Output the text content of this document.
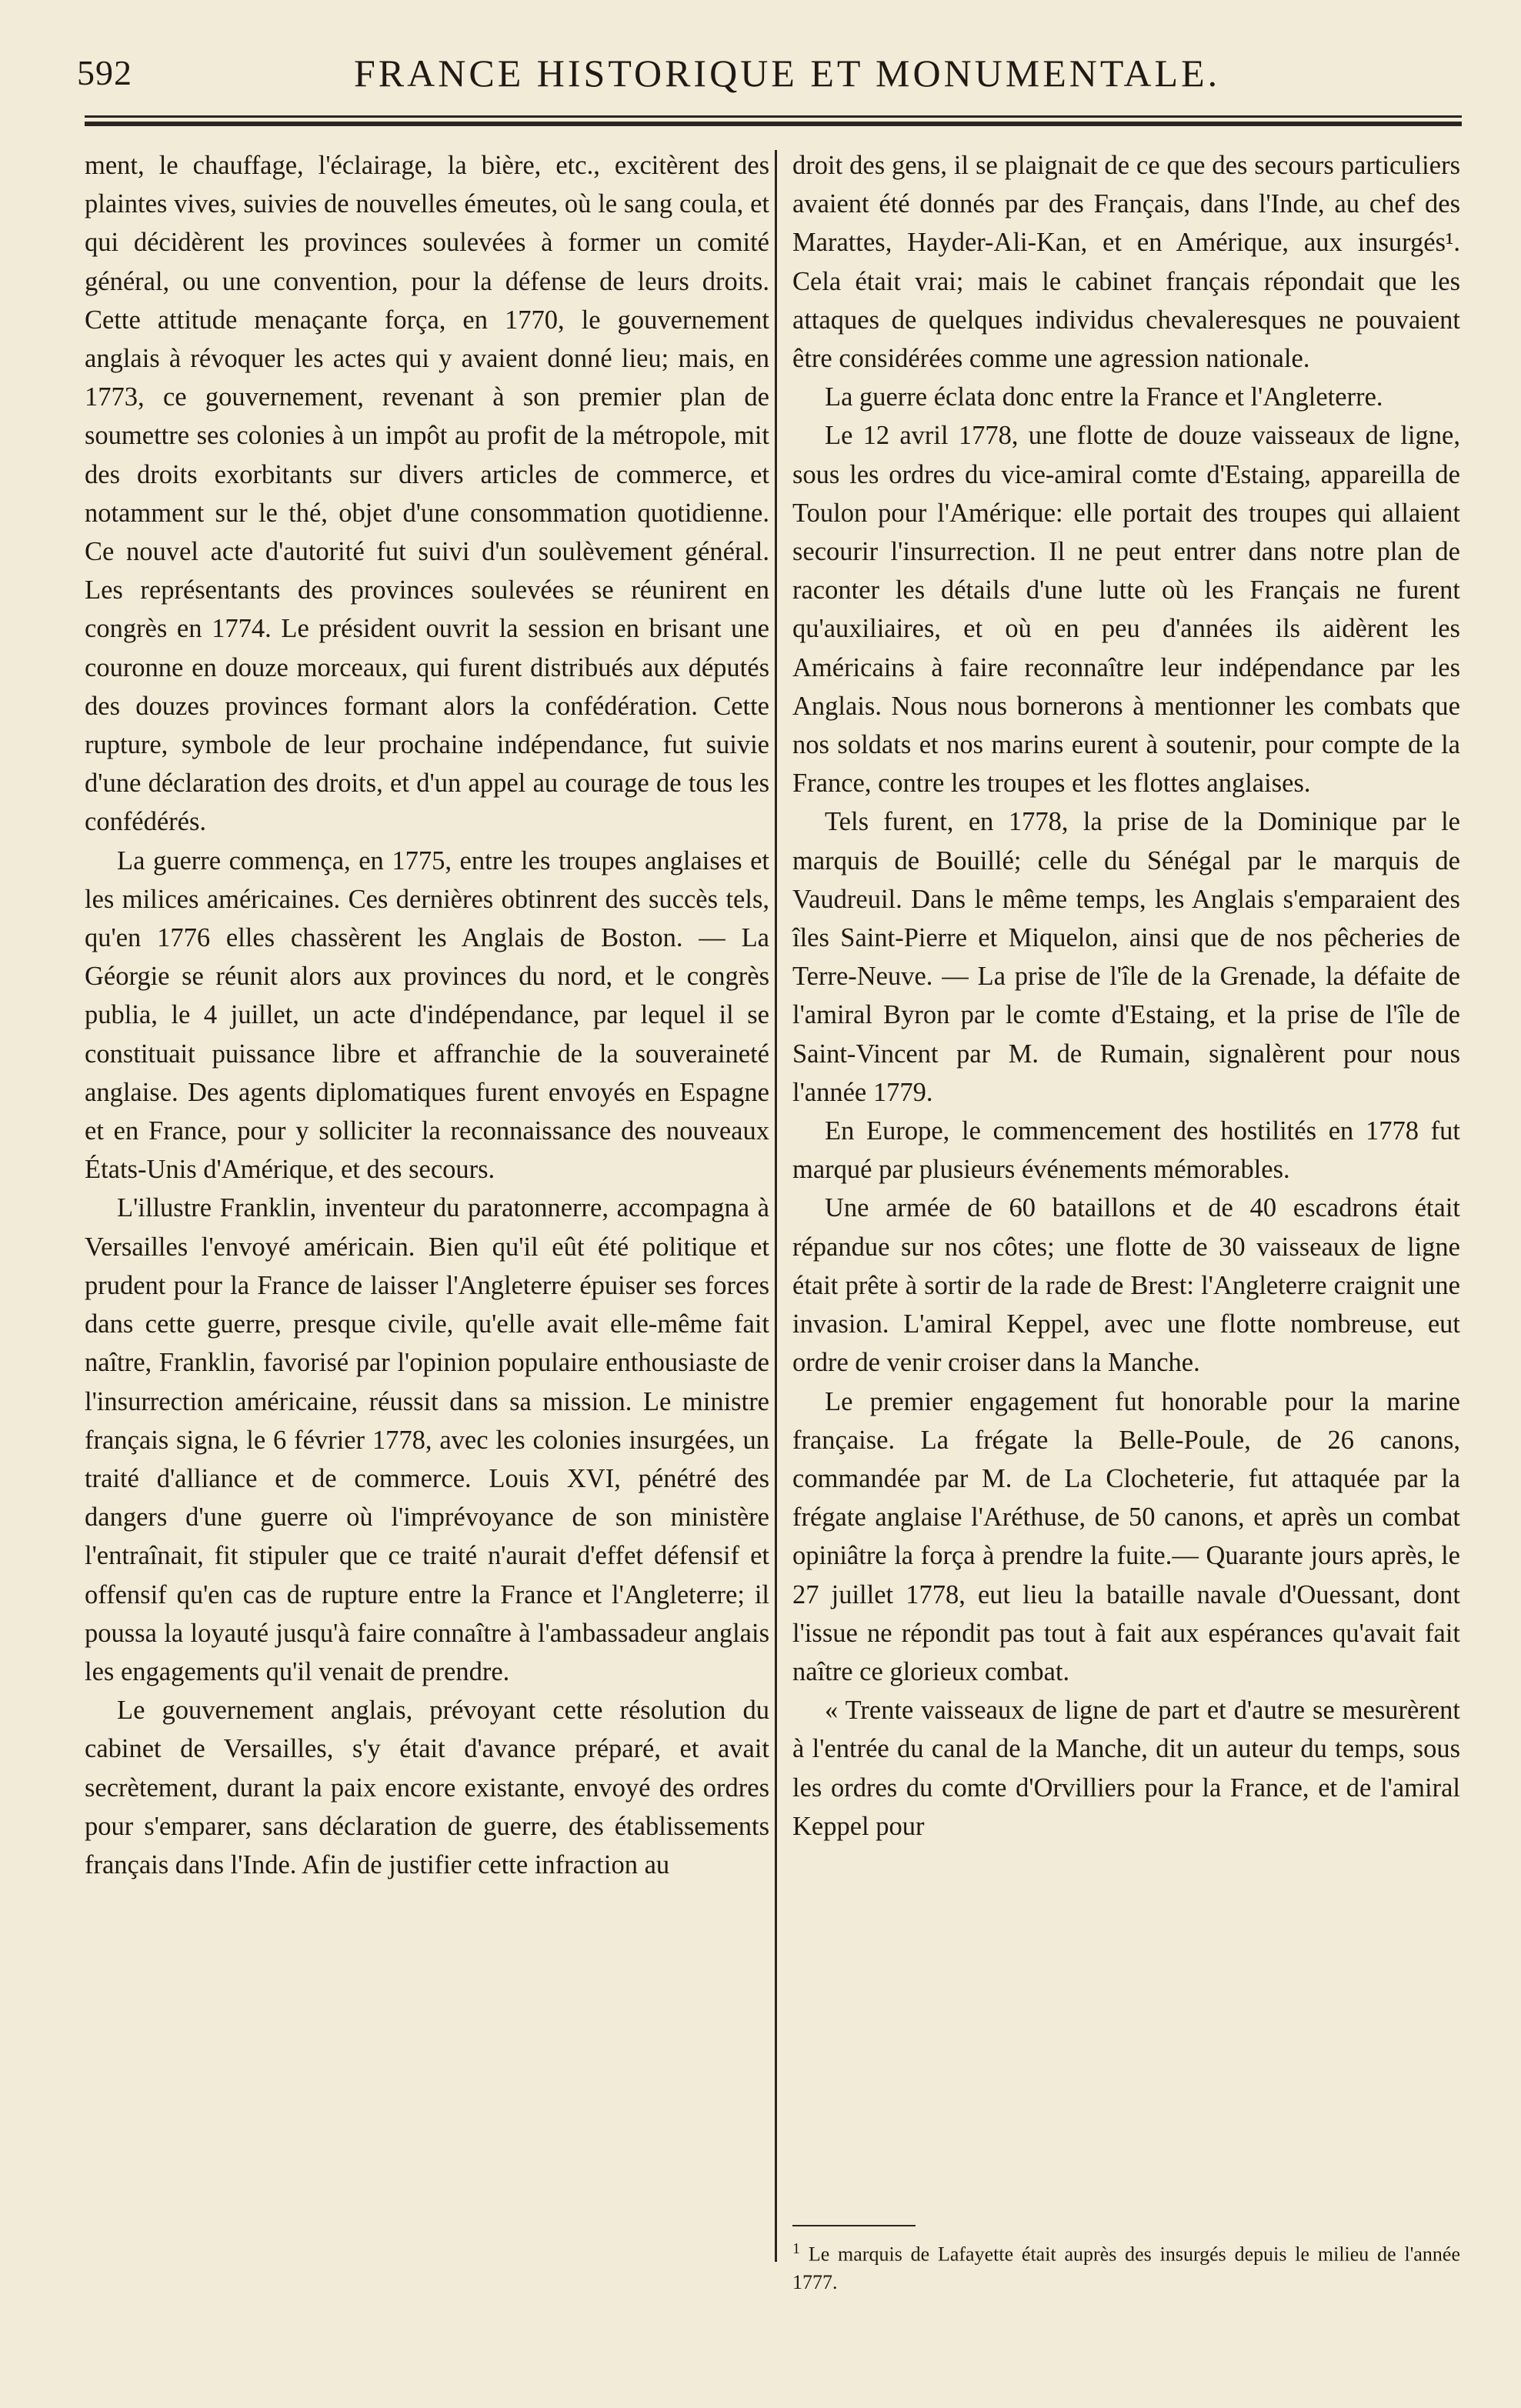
592	FRANCE HISTORIQUE ET MONUMENTALE.

ment, le chauffage, l'éclairage, la bière, etc., excitèrent des plaintes vives, suivies de nouvelles émeutes, où le sang coula, et qui décidèrent les provinces soulevées à former un comité général, ou une convention, pour la défense de leurs droits. Cette attitude menaçante força, en 1770, le gouvernement anglais à révoquer les actes qui y avaient donné lieu; mais, en 1773, ce gouvernement, revenant à son premier plan de soumettre ses colonies à un impôt au profit de la métropole, mit des droits exorbitants sur divers articles de commerce, et notamment sur le thé, objet d'une consommation quotidienne. Ce nouvel acte d'autorité fut suivi d'un soulèvement général. Les représentants des provinces soulevées se réunirent en congrès en 1774. Le président ouvrit la session en brisant une couronne en douze morceaux, qui furent distribués aux députés des douzes provinces formant alors la confédération. Cette rupture, symbole de leur prochaine indépendance, fut suivie d'une déclaration des droits, et d'un appel au courage de tous les confédérés.

La guerre commença, en 1775, entre les troupes anglaises et les milices américaines. Ces dernières obtinrent des succès tels, qu'en 1776 elles chassèrent les Anglais de Boston. — La Géorgie se réunit alors aux provinces du nord, et le congrès publia, le 4 juillet, un acte d'indépendance, par lequel il se constituait puissance libre et affranchie de la souveraineté anglaise. Des agents diplomatiques furent envoyés en Espagne et en France, pour y solliciter la reconnaissance des nouveaux États-Unis d'Amérique, et des secours.

L'illustre Franklin, inventeur du paratonnerre, accompagna à Versailles l'envoyé américain. Bien qu'il eût été politique et prudent pour la France de laisser l'Angleterre épuiser ses forces dans cette guerre, presque civile, qu'elle avait elle-même fait naître, Franklin, favorisé par l'opinion populaire enthousiaste de l'insurrection américaine, réussit dans sa mission. Le ministre français signa, le 6 février 1778, avec les colonies insurgées, un traité d'alliance et de commerce. Louis XVI, pénétré des dangers d'une guerre où l'imprévoyance de son ministère l'entraînait, fit stipuler que ce traité n'aurait d'effet défensif et offensif qu'en cas de rupture entre la France et l'Angleterre; il poussa la loyauté jusqu'à faire connaître à l'ambassadeur anglais les engagements qu'il venait de prendre.

Le gouvernement anglais, prévoyant cette résolution du cabinet de Versailles, s'y était d'avance préparé, et avait secrètement, durant la paix encore existante, envoyé des ordres pour s'emparer, sans déclaration de guerre, des établissements français dans l'Inde. Afin de justifier cette infraction au

droit des gens, il se plaignait de ce que des secours particuliers avaient été donnés par des Français, dans l'Inde, au chef des Marattes, Hayder-Ali-Kan, et en Amérique, aux insurgés¹. Cela était vrai; mais le cabinet français répondait que les attaques de quelques individus chevaleresques ne pouvaient être considérées comme une agression nationale.

La guerre éclata donc entre la France et l'Angleterre.

Le 12 avril 1778, une flotte de douze vaisseaux de ligne, sous les ordres du vice-amiral comte d'Estaing, appareilla de Toulon pour l'Amérique: elle portait des troupes qui allaient secourir l'insurrection. Il ne peut entrer dans notre plan de raconter les détails d'une lutte où les Français ne furent qu'auxiliaires, et où en peu d'années ils aidèrent les Américains à faire reconnaître leur indépendance par les Anglais. Nous nous bornerons à mentionner les combats que nos soldats et nos marins eurent à soutenir, pour compte de la France, contre les troupes et les flottes anglaises.

Tels furent, en 1778, la prise de la Dominique par le marquis de Bouillé; celle du Sénégal par le marquis de Vaudreuil. Dans le même temps, les Anglais s'emparaient des îles Saint-Pierre et Miquelon, ainsi que de nos pêcheries de Terre-Neuve. — La prise de l'île de la Grenade, la défaite de l'amiral Byron par le comte d'Estaing, et la prise de l'île de Saint-Vincent par M. de Rumain, signalèrent pour nous l'année 1779.

En Europe, le commencement des hostilités en 1778 fut marqué par plusieurs événements mémorables.

Une armée de 60 bataillons et de 40 escadrons était répandue sur nos côtes; une flotte de 30 vaisseaux de ligne était prête à sortir de la rade de Brest: l'Angleterre craignit une invasion. L'amiral Keppel, avec une flotte nombreuse, eut ordre de venir croiser dans la Manche.

Le premier engagement fut honorable pour la marine française. La frégate la Belle-Poule, de 26 canons, commandée par M. de La Clocheterie, fut attaquée par la frégate anglaise l'Aréthuse, de 50 canons, et après un combat opiniâtre la força à prendre la fuite.— Quarante jours après, le 27 juillet 1778, eut lieu la bataille navale d'Ouessant, dont l'issue ne répondit pas tout à fait aux espérances qu'avait fait naître ce glorieux combat.

« Trente vaisseaux de ligne de part et d'autre se mesurèrent à l'entrée du canal de la Manche, dit un auteur du temps, sous les ordres du comte d'Orvilliers pour la France, et de l'amiral Keppel pour

$^1$ Le marquis de Lafayette était auprès des insurgés depuis le milieu de l'année 1777.
